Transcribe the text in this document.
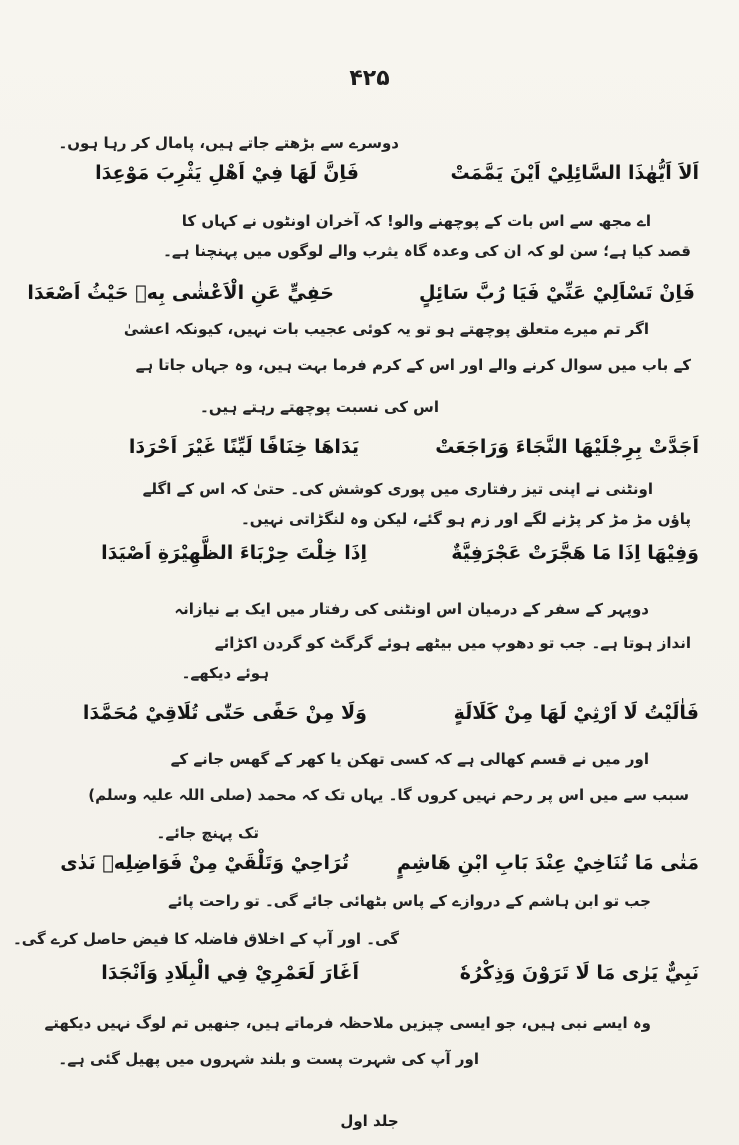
۴۲۵
دوسرے سے بڑھتے جاتے ہیں، پامال کر رہا ہوں۔
اَلاَ اَيُّهٰذَا السَّائِلِيْ اَيْنَ يَمَّمَتْ
فَاِنَّ لَهَا فِيْ اَهْلِ يَثْرِبَ مَوْعِدَا
اے مجھ سے اس بات کے پوچھنے والو! کہ آخران اونٹوں نے کہاں کا
قصد کیا ہے؛ سن لو کہ ان کی وعدہ گاہ یثرب والے لوگوں میں پہنچنا ہے۔
فَاِنْ تَسْاَلِيْ عَنِّيْ فَيَا رُبَّ سَائِلٍ
حَفِيٍّ عَنِ الْاَعْشٰى بِهٖ حَيْثُ اَصْعَدَا
اگر تم میرے متعلق پوچھتے ہو تو یہ کوئی عجیب بات نہیں، کیونکہ اعشیٰ
کے باب میں سوال کرنے والے اور اس کے کرم فرما بہت ہیں، وہ جہاں جاتا ہے
اس کی نسبت پوچھتے رہتے ہیں۔
اَجَدَّتْ بِرِجْلَيْهَا النَّجَاءَ وَرَاجَعَتْ
يَدَاهَا خِنَافًا لَيِّنًا غَيْرَ اَحْرَدَا
اونٹنی نے اپنی تیز رفتاری میں پوری کوشش کی۔ حتیٰ کہ اس کے اگلے
پاؤں مڑ مڑ کر پڑنے لگے اور زم ہو گئے، لیکن وہ لنگڑاتی نہیں۔
وَفِيْهَا اِذَا مَا هَجَّرَتْ عَجْرَفِيَّةٌ
اِذَا خِلْتَ حِرْبَاءَ الظَّهِيْرَةِ اَصْيَدَا
دوپہر کے سفر کے درمیان اس اونٹنی کی رفتار میں ایک بے نیازانہ
انداز ہوتا ہے۔ جب تو دھوپ میں بیٹھے ہوئے گرگٹ کو گردن اکڑائے
ہوئے دیکھے۔
فَاٰلَيْتُ لَا اَرْثِيْ لَهَا مِنْ كَلَالَةٍ
وَلَا مِنْ حَفًى حَتّٰى تُلَاقِيْ مُحَمَّدَا
اور میں نے قسم کھالی ہے کہ کسی تھکن یا کھر کے گھس جانے کے
سبب سے میں اس پر رحم نہیں کروں گا۔ یہاں تک کہ محمد (صلی اللہ علیہ وسلم)
تک پہنچ جائے۔
مَتٰى مَا تُنَاخِيْ عِنْدَ بَابِ ابْنِ هَاشِمٍ
تُرَاحِيْ وَتَلْقَيْ مِنْ فَوَاضِلِهٖ نَدٰى
جب تو ابن ہاشم کے دروازے کے پاس بٹھائی جائے گی۔ تو راحت پائے
گی۔ اور آپ کے اخلاق فاضلہ کا فیض حاصل کرے گی۔
نَبِيٌّ يَرٰى مَا لَا تَرَوْنَ وَذِكْرُهٗ
اَغَارَ لَعَمْرِيْ فِي الْبِلَادِ وَاَنْجَدَا
وہ ایسے نبی ہیں، جو ایسی چیزیں ملاحظہ فرماتے ہیں، جنھیں تم لوگ نہیں دیکھتے
اور آپ کی شہرت پست و بلند شہروں میں پھیل گئی ہے۔
جلد اول
